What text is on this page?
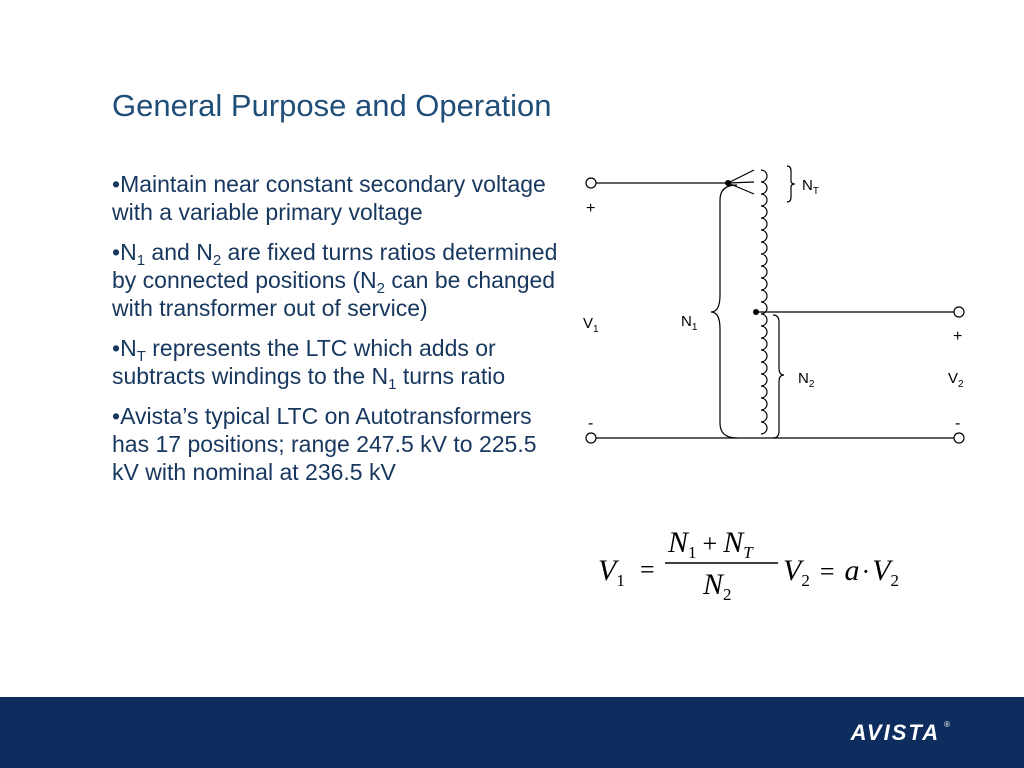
General Purpose and Operation
•Maintain near constant secondary voltage with a variable primary voltage
$•N_1$ and $N_2$ are fixed turns ratios determined by connected positions ($N_2$ can be changed with transformer out of service)
$•N_T$ represents the LTC which adds or subtracts windings to the $N_1$ turns ratio
•Avista’s typical LTC on Autotransformers has 17 positions; range 247.5 kV to 225.5 kV with nominal at 236.5 kV
$N_T$
$N_1$
$N_2$
$V_1$
$V_2$
+
+
-	-
$V_1$ =
$N_1 + N_T$
$N_2$
$V_2 = a\cdot V_2$
AVISTA ®
